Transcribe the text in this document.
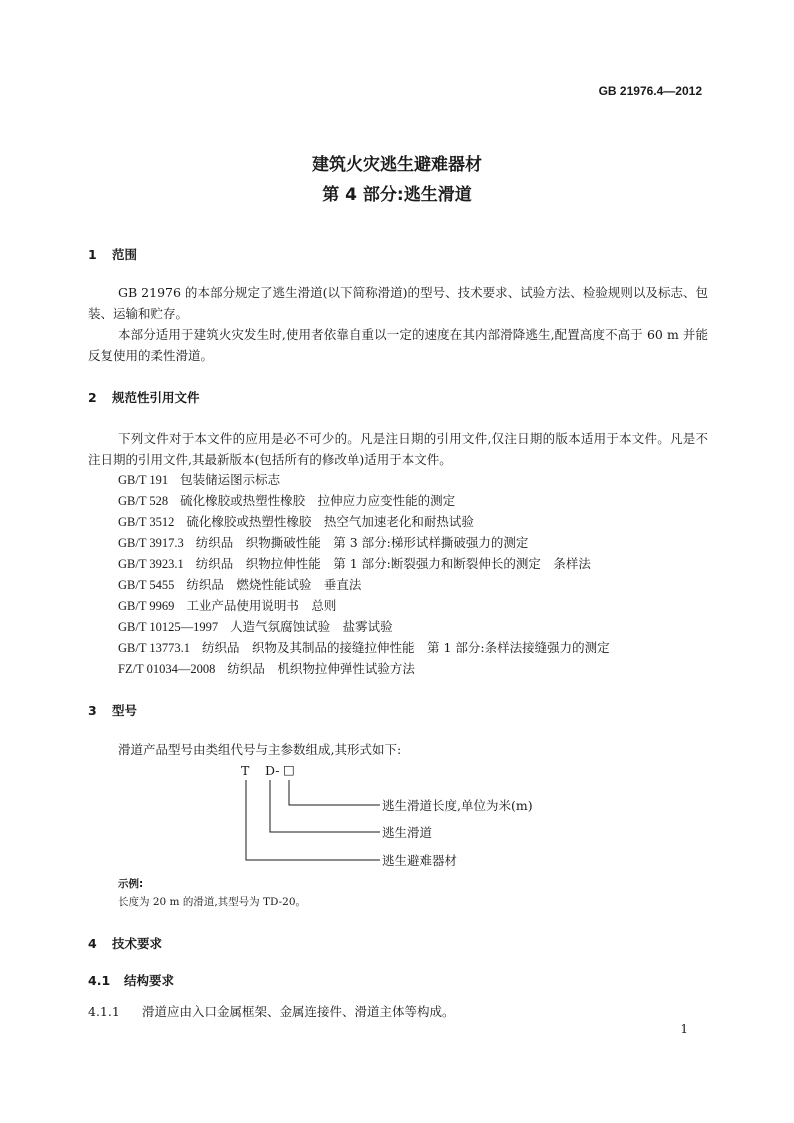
GB 21976.4—2012
建筑火灾逃生避难器材
第 4 部分:逃生滑道
1 范围
GB 21976 的本部分规定了逃生滑道(以下简称滑道)的型号、技术要求、试验方法、检验规则以及标志、包装、运输和贮存。
本部分适用于建筑火灾发生时,使用者依靠自重以一定的速度在其内部滑降逃生,配置高度不高于 60 m 并能反复使用的柔性滑道。
2 规范性引用文件
下列文件对于本文件的应用是必不可少的。凡是注日期的引用文件,仅注日期的版本适用于本文件。凡是不注日期的引用文件,其最新版本(包括所有的修改单)适用于本文件。
GB/T 191 包装储运图示标志
GB/T 528 硫化橡胶或热塑性橡胶　拉伸应力应变性能的测定
GB/T 3512 硫化橡胶或热塑性橡胶　热空气加速老化和耐热试验
GB/T 3917.3 纺织品　织物撕破性能　第 3 部分:梯形试样撕破强力的测定
GB/T 3923.1 纺织品　织物拉伸性能　第 1 部分:断裂强力和断裂伸长的测定　条样法
GB/T 5455 纺织品　燃烧性能试验　垂直法
GB/T 9969 工业产品使用说明书　总则
GB/T 10125—1997 人造气氛腐蚀试验　盐雾试验
GB/T 13773.1 纺织品　织物及其制品的接缝拉伸性能　第 1 部分:条样法接缝强力的测定
FZ/T 01034—2008 纺织品　机织物拉伸弹性试验方法
3 型号
滑道产品型号由类组代号与主参数组成,其形式如下:
T D- □
逃生滑道长度,单位为米(m)
逃生滑道
逃生避难器材
示例:
长度为 20 m 的滑道,其型号为 TD-20。
4 技术要求
4.1 结构要求
4.1.1 滑道应由入口金属框架、金属连接件、滑道主体等构成。
1
